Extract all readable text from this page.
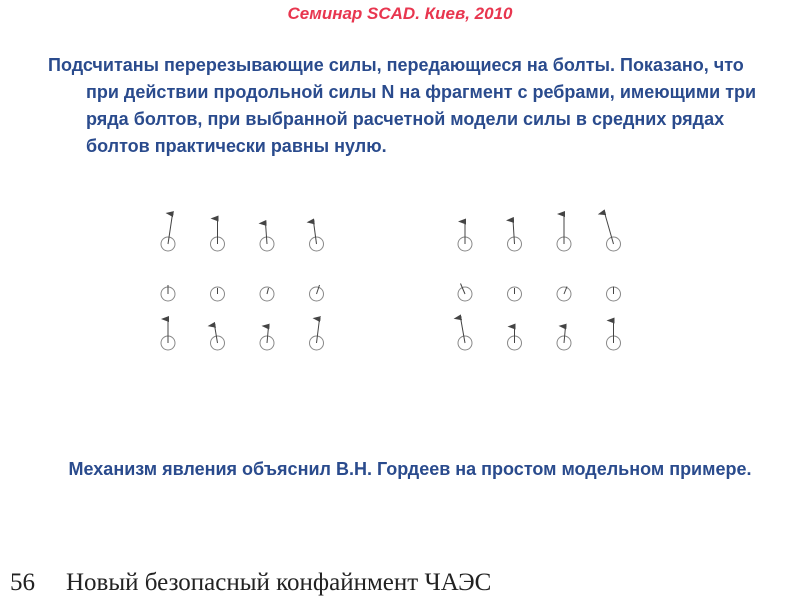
Семинар SCAD. Киев, 2010
Подсчитаны перерезывающие силы, передающиеся на болты. Показано, что при действии продольной силы N на фрагмент с ребрами, имеющими три ряда болтов, при выбранной расчетной модели силы в средних рядах болтов практически равны нулю.
Механизм явления объяснил В.Н. Гордеев на простом модельном примере.
56 Новый безопасный конфайнмент ЧАЭС
